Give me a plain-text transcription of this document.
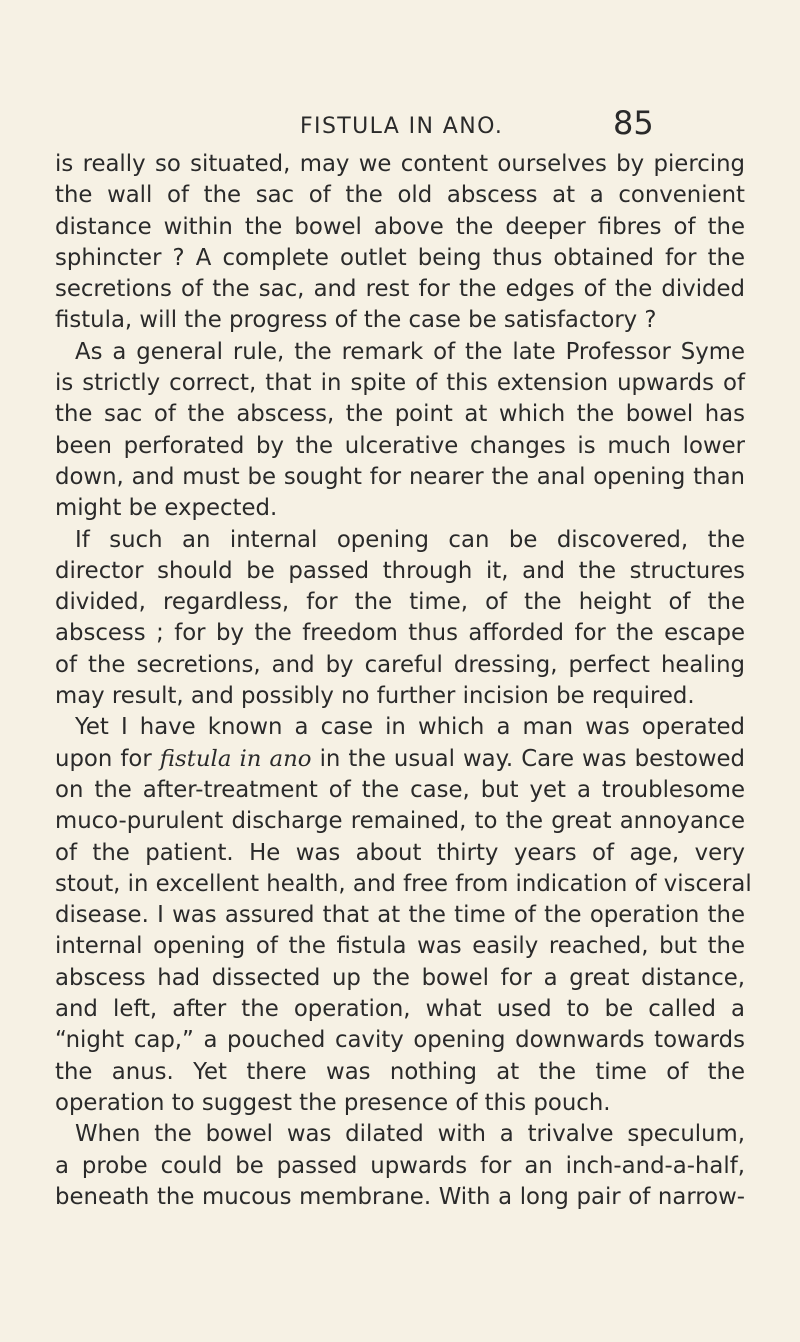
FISTULA IN ANO.	85
is really so situated, may we content ourselves by piercing
the wall of the sac of the old abscess at a convenient
distance within the bowel above the deeper fibres of the
sphincter ? A complete outlet being thus obtained for the
secretions of the sac, and rest for the edges of the divided
fistula, will the progress of the case be satisfactory ?
As a general rule, the remark of the late Professor Syme
is strictly correct, that in spite of this extension upwards of
the sac of the abscess, the point at which the bowel has
been perforated by the ulcerative changes is much lower
down, and must be sought for nearer the anal opening than
might be expected.
If such an internal opening can be discovered, the
director should be passed through it, and the structures
divided, regardless, for the time, of the height of the
abscess ; for by the freedom thus afforded for the escape
of the secretions, and by careful dressing, perfect healing
may result, and possibly no further incision be required.
Yet I have known a case in which a man was operated
upon for fistula in ano in the usual way. Care was bestowed
on the after-treatment of the case, but yet a troublesome
muco-purulent discharge remained, to the great annoyance
of the patient. He was about thirty years of age, very
stout, in excellent health, and free from indication of visceral
disease. I was assured that at the time of the operation the
internal opening of the fistula was easily reached, but the
abscess had dissected up the bowel for a great distance,
and left, after the operation, what used to be called a
“night cap,” a pouched cavity opening downwards towards
the anus. Yet there was nothing at the time of the
operation to suggest the presence of this pouch.
When the bowel was dilated with a trivalve speculum,
a probe could be passed upwards for an inch-and-a-half,
beneath the mucous membrane. With a long pair of narrow-
